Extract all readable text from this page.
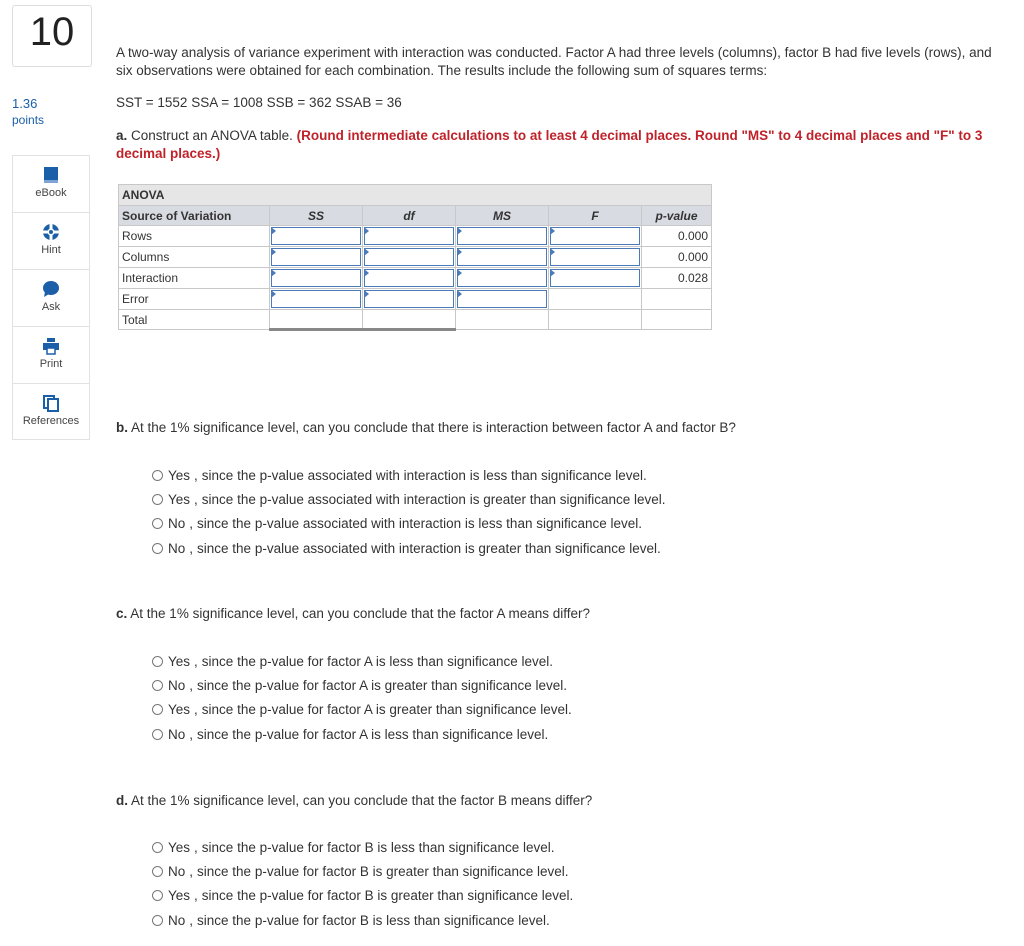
10
1.36
points
eBook
Hint
Ask
Print
References
A two-way analysis of variance experiment with interaction was conducted. Factor A had three levels (columns), factor B had five levels (rows), and six observations were obtained for each combination. The results include the following sum of squares terms:
SST = 1552 SSA = 1008 SSB = 362 SSAB = 36
a. Construct an ANOVA table. (Round intermediate calculations to at least 4 decimal places. Round "MS" to 4 decimal places and "F" to 3 decimal places.)
ANOVA					
Source of Variation	SS	df	MS	F	p-value
Rows					0.000
Columns					0.000
Interaction					0.028
Error	

Total					
b. At the 1% significance level, can you conclude that there is interaction between factor A and factor B?
Yes , since the p-value associated with interaction is less than significance level.
Yes , since the p-value associated with interaction is greater than significance level.
No , since the p-value associated with interaction is less than significance level.
No , since the p-value associated with interaction is greater than significance level.
c. At the 1% significance level, can you conclude that the factor A means differ?
Yes , since the p-value for factor A is less than significance level.
No , since the p-value for factor A is greater than significance level.
Yes , since the p-value for factor A is greater than significance level.
No , since the p-value for factor A is less than significance level.
d. At the 1% significance level, can you conclude that the factor B means differ?
Yes , since the p-value for factor B is less than significance level.
No , since the p-value for factor B is greater than significance level.
Yes , since the p-value for factor B is greater than significance level.
No , since the p-value for factor B is less than significance level.
